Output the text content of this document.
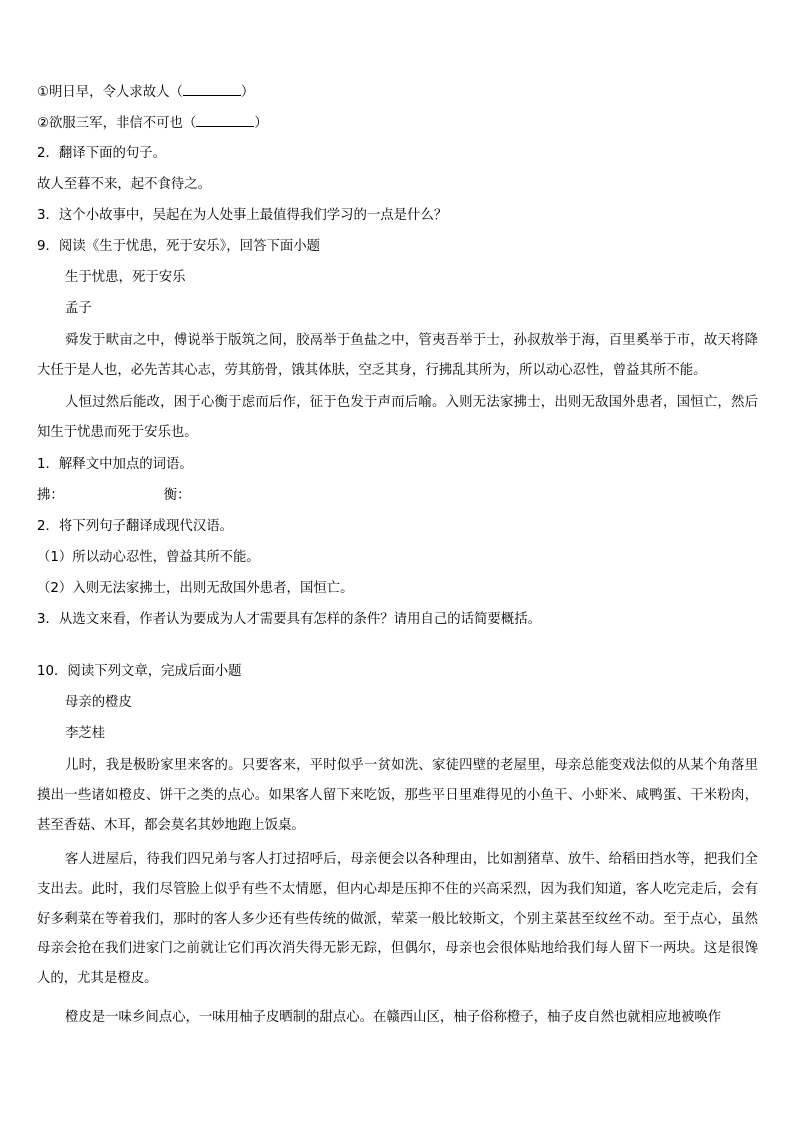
①明日早，令人求故人（	）
②欲服三军，非信不可也（	）
2．翻译下面的句子。
故人至暮不来，起不食待之。
3．这个小故事中，吴起在为人处事上最值得我们学习的一点是什么？
9．阅读《生于忧患，死于安乐》，回答下面小题
生于忧患，死于安乐
孟子

舜发于畎亩之中，傅说举于版筑之间，胶鬲举于鱼盐之中，管夷吾举于士，孙叔敖举于海，百里奚举于市，故天将降大任于是人也，必先苦其心志，劳其筋骨，饿其体肤，空乏其身，行拂乱其所为，所以动心忍性，曾益其所不能。

人恒过然后能改，困于心衡于虑而后作，征于色发于声而后喻。入则无法家拂士，出则无敌国外患者，国恒亡，然后知生于忧患而死于安乐也。

1．解释文中加点的词语。
拂：	衡：
2．将下列句子翻译成现代汉语。
（1）所以动心忍性，曾益其所不能。
（2）入则无法家拂士，出则无敌国外患者，国恒亡。
3．从选文来看，作者认为要成为人才需要具有怎样的条件？请用自己的话简要概括。
10．阅读下列文章，完成后面小题
母亲的橙皮
李芝桂

儿时，我是极盼家里来客的。只要客来，平时似乎一贫如洗、家徒四壁的老屋里，母亲总能变戏法似的从某个角落里摸出一些诸如橙皮、饼干之类的点心。如果客人留下来吃饭，那些平日里难得见的小鱼干、小虾米、咸鸭蛋、干米粉肉，甚至香菇、木耳，都会莫名其妙地跑上饭桌。

客人进屋后，待我们四兄弟与客人打过招呼后，母亲便会以各种理由，比如割猪草、放牛、给稻田挡水等，把我们全支出去。此时，我们尽管脸上似乎有些不太情愿，但内心却是压抑不住的兴高采烈，因为我们知道，客人吃完走后，会有好多剩菜在等着我们，那时的客人多少还有些传统的做派，荤菜一般比较斯文，个别主菜甚至纹丝不动。至于点心，虽然母亲会抢在我们进家门之前就让它们再次消失得无影无踪，但偶尔，母亲也会很体贴地给我们每人留下一两块。这是很馋人的，尤其是橙皮。

橙皮是一味乡间点心，一味用柚子皮晒制的甜点心。在赣西山区，柚子俗称橙子，柚子皮自然也就相应地被唤作
